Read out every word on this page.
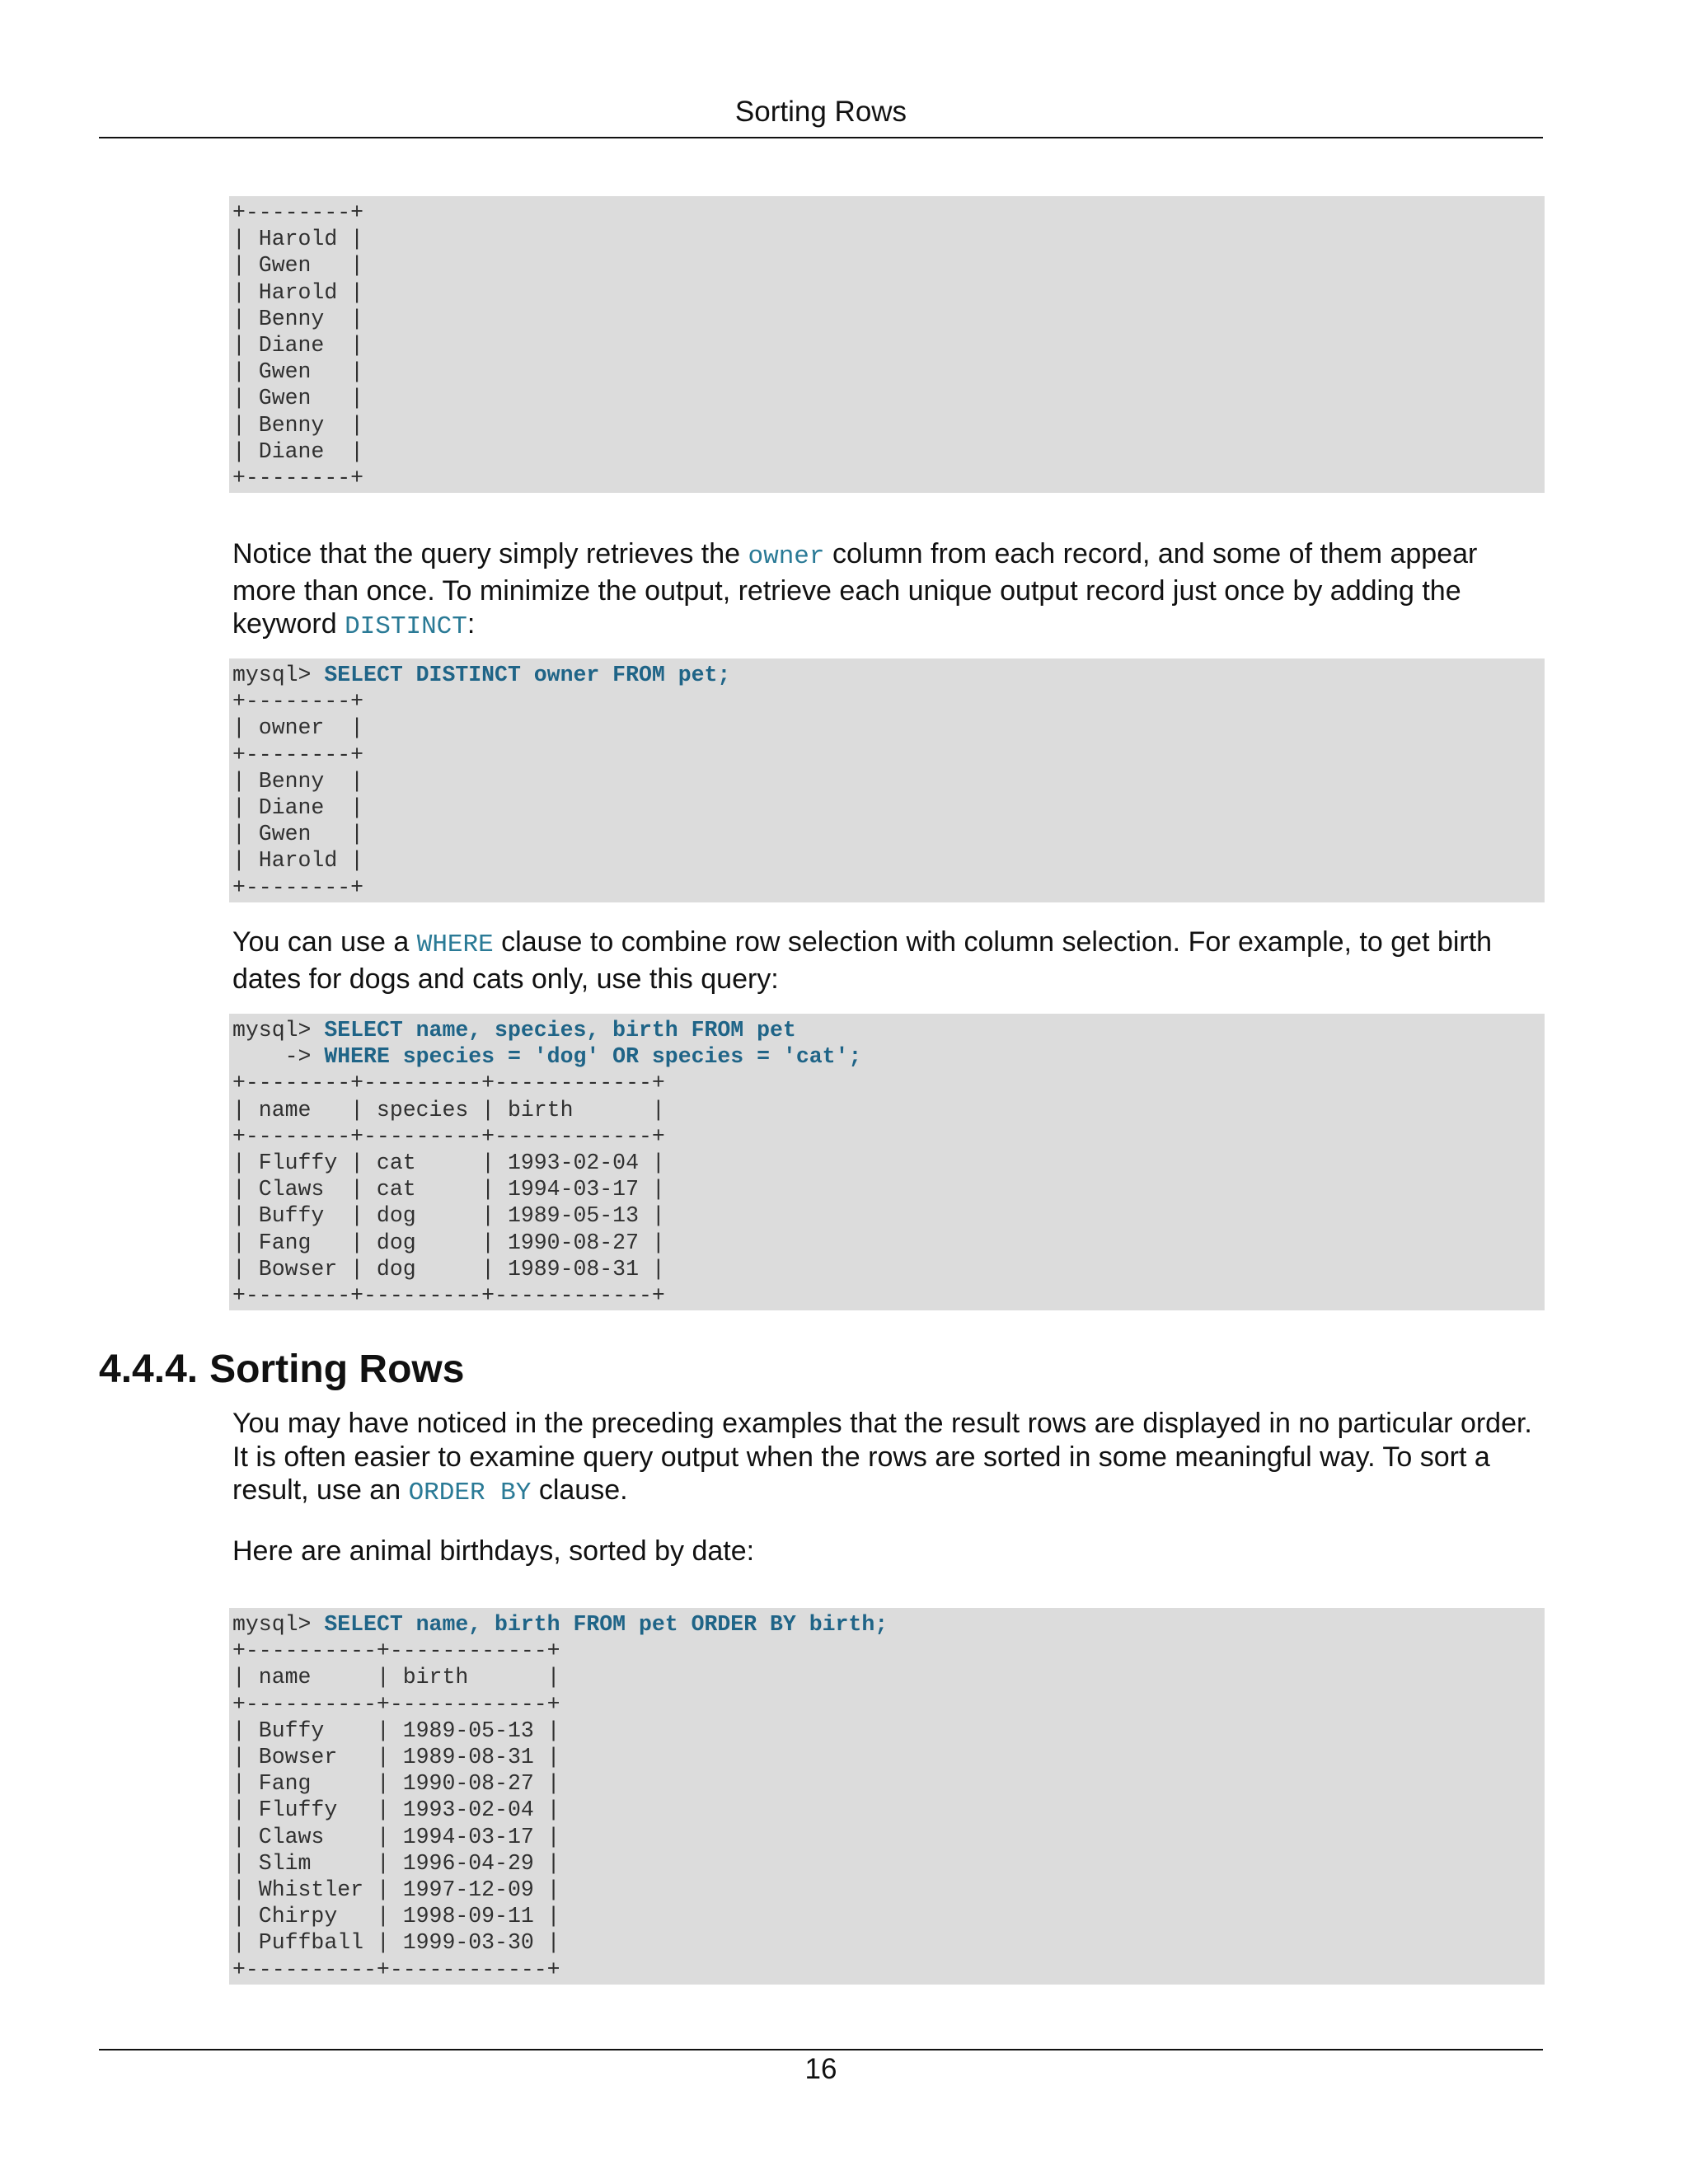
Sorting Rows
+--------+
| Harold |
| Gwen   |
| Harold |
| Benny  |
| Diane  |
| Gwen   |
| Gwen   |
| Benny  |
| Diane  |
+--------+

Notice that the query simply retrieves the owner column from each record, and some of them appear more than once. To minimize the output, retrieve each unique output record just once by adding the keyword DISTINCT:

mysql> SELECT DISTINCT owner FROM pet;
+--------+
| owner  |
+--------+
| Benny  |
| Diane  |
| Gwen   |
| Harold |
+--------+

You can use a WHERE clause to combine row selection with column selection. For example, to get birth dates for dogs and cats only, use this query:

mysql> SELECT name, species, birth FROM pet
-> WHERE species = 'dog' OR species = 'cat';
+--------+---------+------------+
| name   | species | birth      |
+--------+---------+------------+
| Fluffy | cat     | 1993-02-04 |
| Claws  | cat     | 1994-03-17 |
| Buffy  | dog     | 1989-05-13 |
| Fang   | dog     | 1990-08-27 |
| Bowser | dog     | 1989-08-31 |
+--------+---------+------------+
4.4.4. Sorting Rows

You may have noticed in the preceding examples that the result rows are displayed in no particular order. It is often easier to examine query output when the rows are sorted in some meaningful way. To sort a result, use an ORDER BY clause.

Here are animal birthdays, sorted by date:

mysql> SELECT name, birth FROM pet ORDER BY birth;
+----------+------------+
| name     | birth      |
+----------+------------+
| Buffy    | 1989-05-13 |
| Bowser   | 1989-08-31 |
| Fang     | 1990-08-27 |
| Fluffy   | 1993-02-04 |
| Claws    | 1994-03-17 |
| Slim     | 1996-04-29 |
| Whistler | 1997-12-09 |
| Chirpy   | 1998-09-11 |
| Puffball | 1999-03-30 |
+----------+------------+
16
